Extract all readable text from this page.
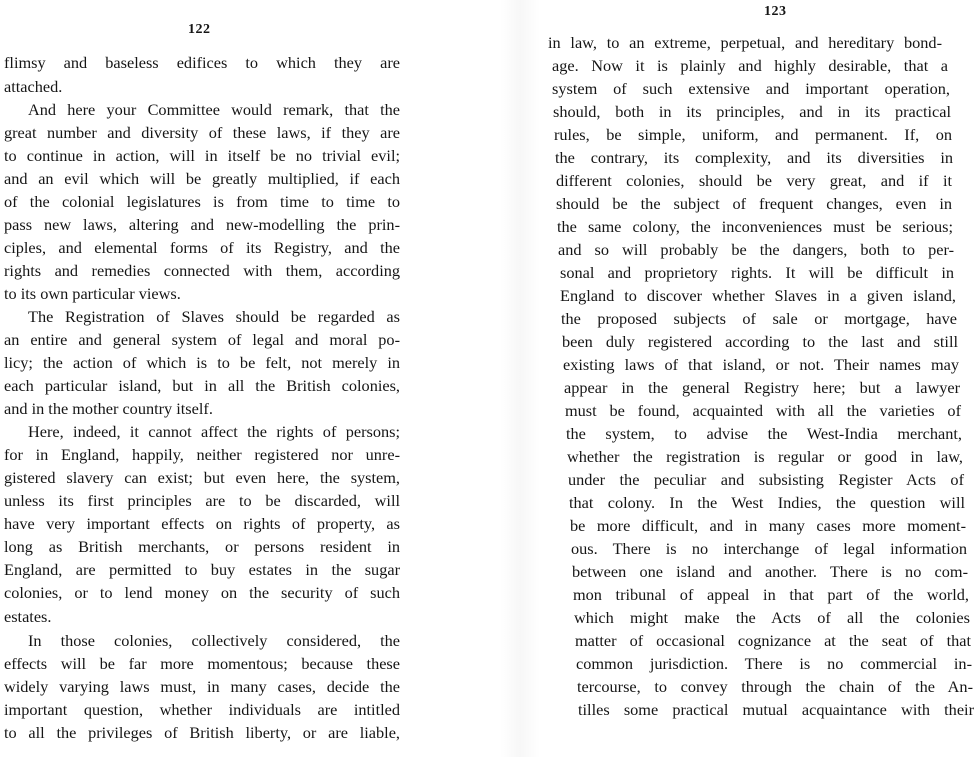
122
flimsy and baseless edifices to which they are
attached.
And here your Committee would remark, that the
great number and diversity of these laws, if they are
to continue in action, will in itself be no trivial evil;
and an evil which will be greatly multiplied, if each
of the colonial legislatures is from time to time to
pass new laws, altering and new-modelling the prin-
ciples, and elemental forms of its Registry, and the
rights and remedies connected with them, according
to its own particular views.
The Registration of Slaves should be regarded as
an entire and general system of legal and moral po-
licy; the action of which is to be felt, not merely in
each particular island, but in all the British colonies,
and in the mother country itself.
Here, indeed, it cannot affect the rights of persons;
for in England, happily, neither registered nor unre-
gistered slavery can exist; but even here, the system,
unless its first principles are to be discarded, will
have very important effects on rights of property, as
long as British merchants, or persons resident in
England, are permitted to buy estates in the sugar
colonies, or to lend money on the security of such
estates.
In those colonies, collectively considered, the
effects will be far more momentous; because these
widely varying laws must, in many cases, decide the
important question, whether individuals are intitled
to all the privileges of British liberty, or are liable,
123
in law, to an extreme, perpetual, and hereditary bond-
age. Now it is plainly and highly desirable, that a
system of such extensive and important operation,
should, both in its principles, and in its practical
rules, be simple, uniform, and permanent. If, on
the contrary, its complexity, and its diversities in
different colonies, should be very great, and if it
should be the subject of frequent changes, even in
the same colony, the inconveniences must be serious;
and so will probably be the dangers, both to per-
sonal and proprietory rights. It will be difficult in
England to discover whether Slaves in a given island,
the proposed subjects of sale or mortgage, have
been duly registered according to the last and still
existing laws of that island, or not. Their names may
appear in the general Registry here; but a lawyer
must be found, acquainted with all the varieties of
the system, to advise the West-India merchant,
whether the registration is regular or good in law,
under the peculiar and subsisting Register Acts of
that colony. In the West Indies, the question will
be more difficult, and in many cases more moment-
ous. There is no interchange of legal information
between one island and another. There is no com-
mon tribunal of appeal in that part of the world,
which might make the Acts of all the colonies
matter of occasional cognizance at the seat of that
common jurisdiction. There is no commercial in-
tercourse, to convey through the chain of the An-
tilles some practical mutual acquaintance with their
